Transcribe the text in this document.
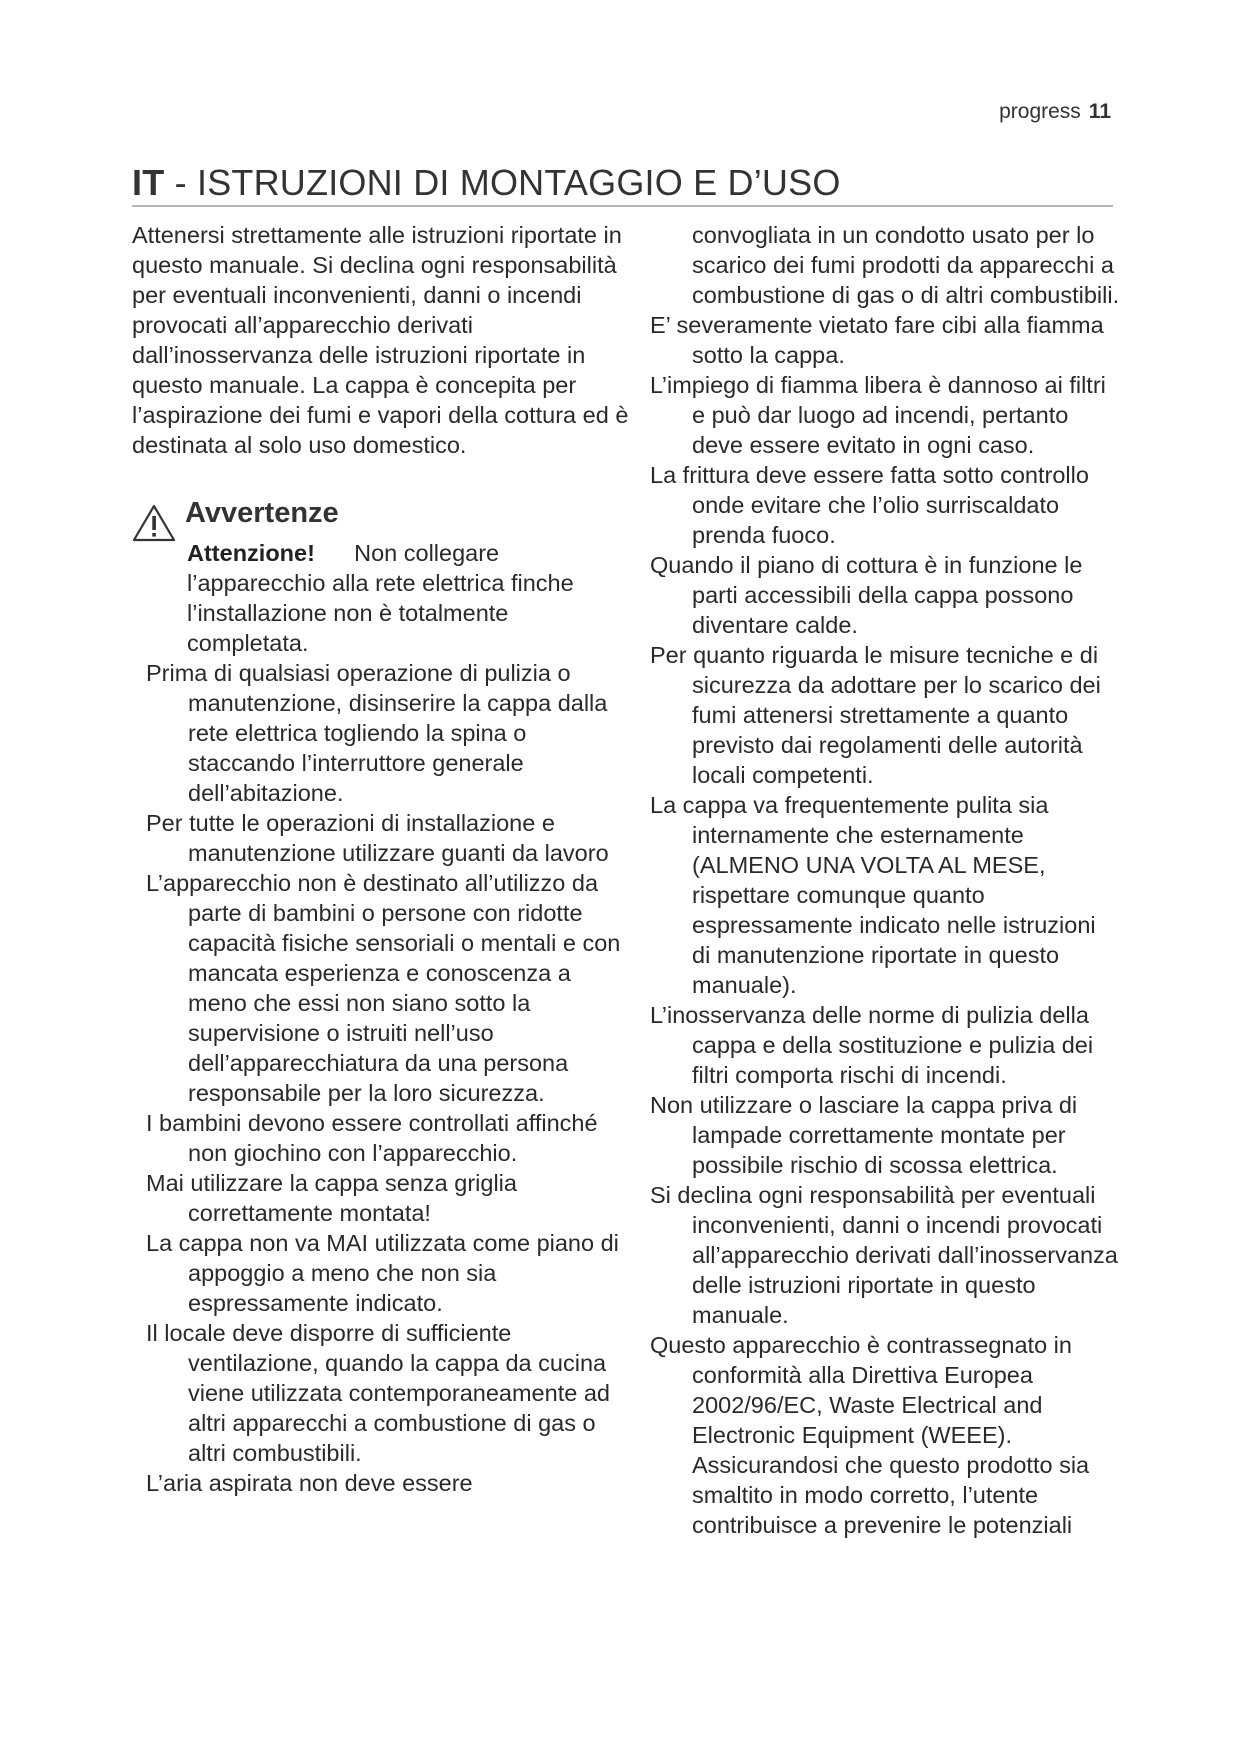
progress 11
IT - ISTRUZIONI DI MONTAGGIO E D’USO

Attenersi strettamente alle istruzioni riportate in questo manuale. Si declina ogni responsabilità per eventuali inconvenienti, danni o incendi provocati all’apparecchio derivati dall’inosservanza delle istruzioni riportate in questo manuale. La cappa è concepita per l’aspirazione dei fumi e vapori della cottura ed è destinata al solo uso domestico.

Avvertenze

Attenzione! Non collegare l’apparecchio alla rete elettrica finche l’installazione non è totalmente completata.

Prima di qualsiasi operazione di pulizia o manutenzione, disinserire la cappa dalla rete elettrica togliendo la spina o staccando l’interruttore generale dell’abitazione.
Per tutte le operazioni di installazione e manutenzione utilizzare guanti da lavoro
L’apparecchio non è destinato all’utilizzo da parte di bambini o persone con ridotte capacità fisiche sensoriali o mentali e con mancata esperienza e conoscenza a meno che essi non siano sotto la supervisione o istruiti nell’uso dell’apparecchiatura da una persona responsabile per la loro sicurezza.
I bambini devono essere controllati affinché non giochino con l’apparecchio.
Mai utilizzare la cappa senza griglia correttamente montata!
La cappa non va MAI utilizzata come piano di appoggio a meno che non sia espressamente indicato.
Il locale deve disporre di sufficiente ventilazione, quando la cappa da cucina viene utilizzata contemporaneamente ad altri apparecchi a combustione di gas o altri combustibili.
L’aria aspirata non deve essere
convogliata in un condotto usato per lo scarico dei fumi prodotti da apparecchi a combustione di gas o di altri combustibili.
E’ severamente vietato fare cibi alla fiamma sotto la cappa.
L’impiego di fiamma libera è dannoso ai filtri e può dar luogo ad incendi, pertanto deve essere evitato in ogni caso.
La frittura deve essere fatta sotto controllo onde evitare che l’olio surriscaldato prenda fuoco.
Quando il piano di cottura è in funzione le parti accessibili della cappa possono diventare calde.
Per quanto riguarda le misure tecniche e di sicurezza da adottare per lo scarico dei fumi attenersi strettamente a quanto previsto dai regolamenti delle autorità locali competenti.
La cappa va frequentemente pulita sia internamente che esternamente (ALMENO UNA VOLTA AL MESE, rispettare comunque quanto espressamente indicato nelle istruzioni di manutenzione riportate in questo manuale).
L’inosservanza delle norme di pulizia della cappa e della sostituzione e pulizia dei filtri comporta rischi di incendi.
Non utilizzare o lasciare la cappa priva di lampade correttamente montate per possibile rischio di scossa elettrica.
Si declina ogni responsabilità per eventuali inconvenienti, danni o incendi provocati all’apparecchio derivati dall’inosservanza delle istruzioni riportate in questo manuale.
Questo apparecchio è contrassegnato in conformità alla Direttiva Europea 2002/96/EC, Waste Electrical and Electronic Equipment (WEEE). Assicurandosi che questo prodotto sia smaltito in modo corretto, l’utente contribuisce a prevenire le potenziali
